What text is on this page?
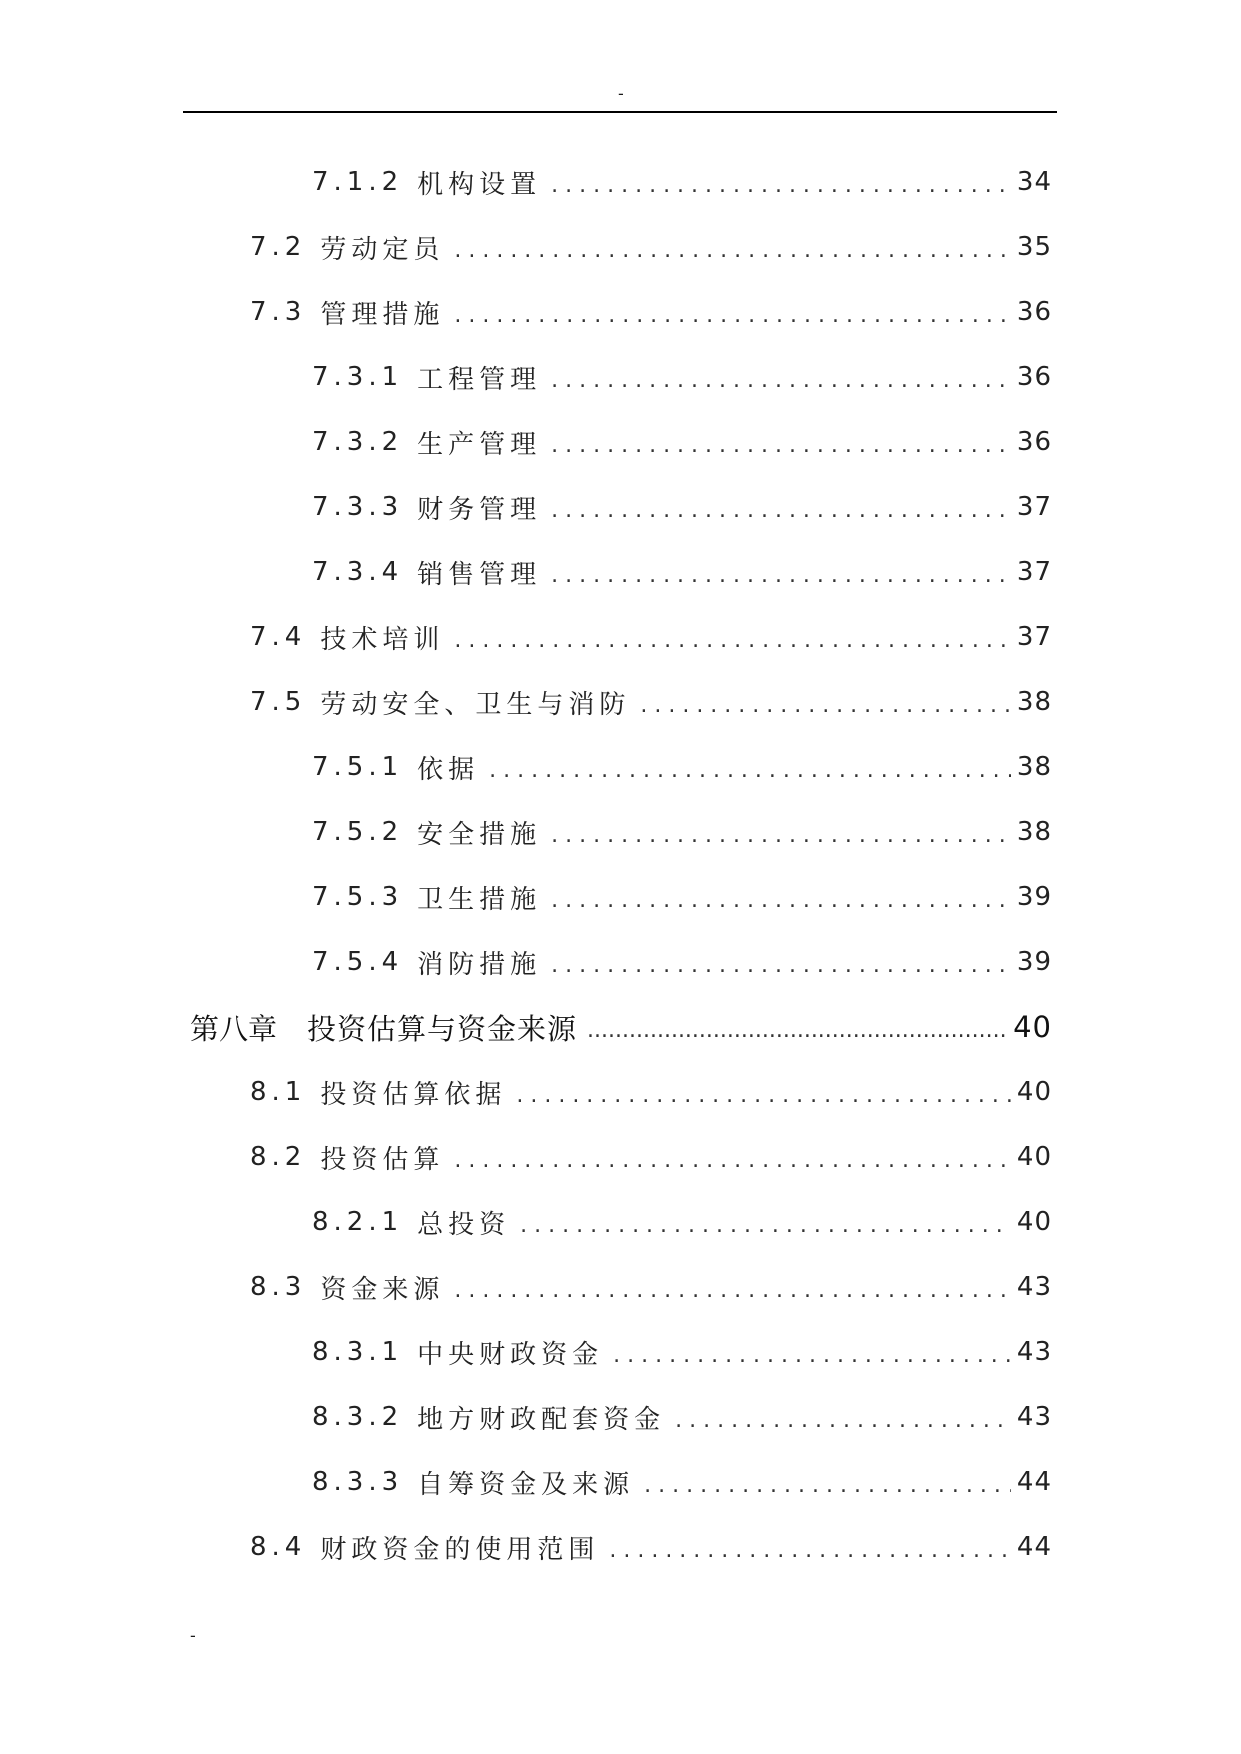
-
7.1.2 机构设置 . . .	34
7.2 劳动定员 . . .	35
7.3 管理措施 . . .	36
7.3.1 工程管理 . . .	36
7.3.2 生产管理 . . .	36
7.3.3 财务管理 . . .	37
7.3.4 销售管理 . . .	37
7.4 技术培训 . . .	37
7.5 劳动安全、卫生与消防 . . .	38
7.5.1 依据 . . .	38
7.5.2 安全措施 . . .	38
7.5.3 卫生措施 . . .	39
7.5.4 消防措施 . . .	39
第八章 投资估算与资金来源 .....	40
8.1 投资估算依据 . . .	40
8.2 投资估算 . . .	40
8.2.1 总投资 . . .	40
8.3 资金来源 . . .	43
8.3.1 中央财政资金 . . .	43
8.3.2 地方财政配套资金 . . .	43
8.3.3 自筹资金及来源 . . .	44
8.4 财政资金的使用范围 . . .	44
-
